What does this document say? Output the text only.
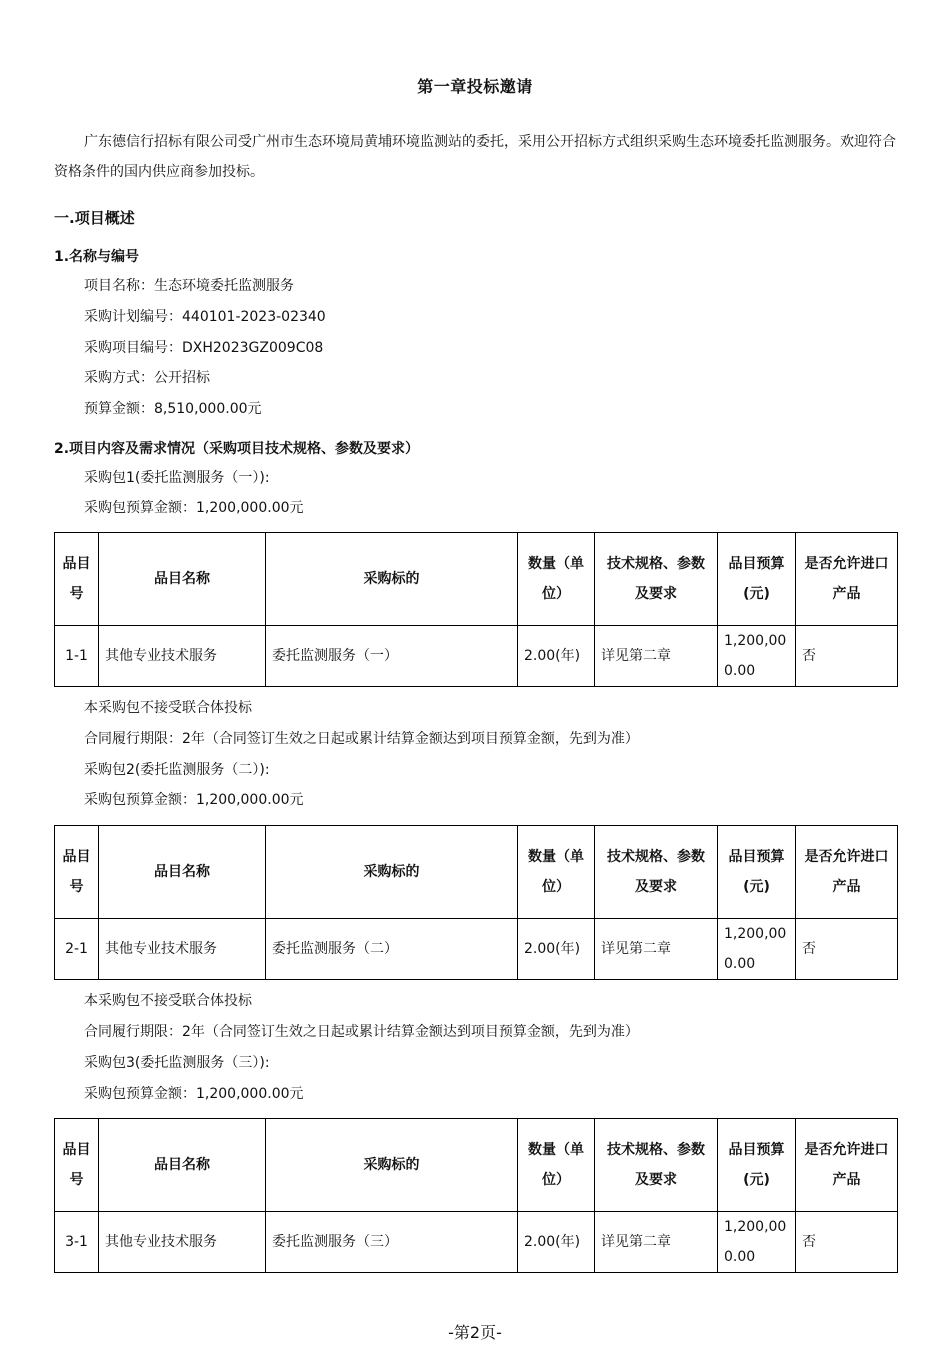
第一章投标邀请
广东德信行招标有限公司受广州市生态环境局黄埔环境监测站的委托，采用公开招标方式组织采购生态环境委托监测服务。欢迎符合资格条件的国内供应商参加投标。
一.项目概述
1.名称与编号
项目名称：生态环境委托监测服务
采购计划编号：440101-2023-02340
采购项目编号：DXH2023GZ009C08
采购方式：公开招标
预算金额：8,510,000.00元
2.项目内容及需求情况（采购项目技术规格、参数及要求）
采购包1(委托监测服务（一）):
采购包预算金额：1,200,000.00元
品目号	品目名称	采购标的	数量（单位）	技术规格、参数及要求	品目预算(元)	是否允许进口产品
1-1	其他专业技术服务	委托监测服务（一）	2.00(年)	详见第二章	1,200,000.00	否
本采购包不接受联合体投标
合同履行期限：2年（合同签订生效之日起或累计结算金额达到项目预算金额，先到为准）
采购包2(委托监测服务（二）):
采购包预算金额：1,200,000.00元
品目号	品目名称	采购标的	数量（单位）	技术规格、参数及要求	品目预算(元)	是否允许进口产品
2-1	其他专业技术服务	委托监测服务（二）	2.00(年)	详见第二章	1,200,000.00	否
本采购包不接受联合体投标
合同履行期限：2年（合同签订生效之日起或累计结算金额达到项目预算金额，先到为准）
采购包3(委托监测服务（三）):
采购包预算金额：1,200,000.00元
品目号	品目名称	采购标的	数量（单位）	技术规格、参数及要求	品目预算(元)	是否允许进口产品
3-1	其他专业技术服务	委托监测服务（三）	2.00(年)	详见第二章	1,200,000.00	否
-第2页-
